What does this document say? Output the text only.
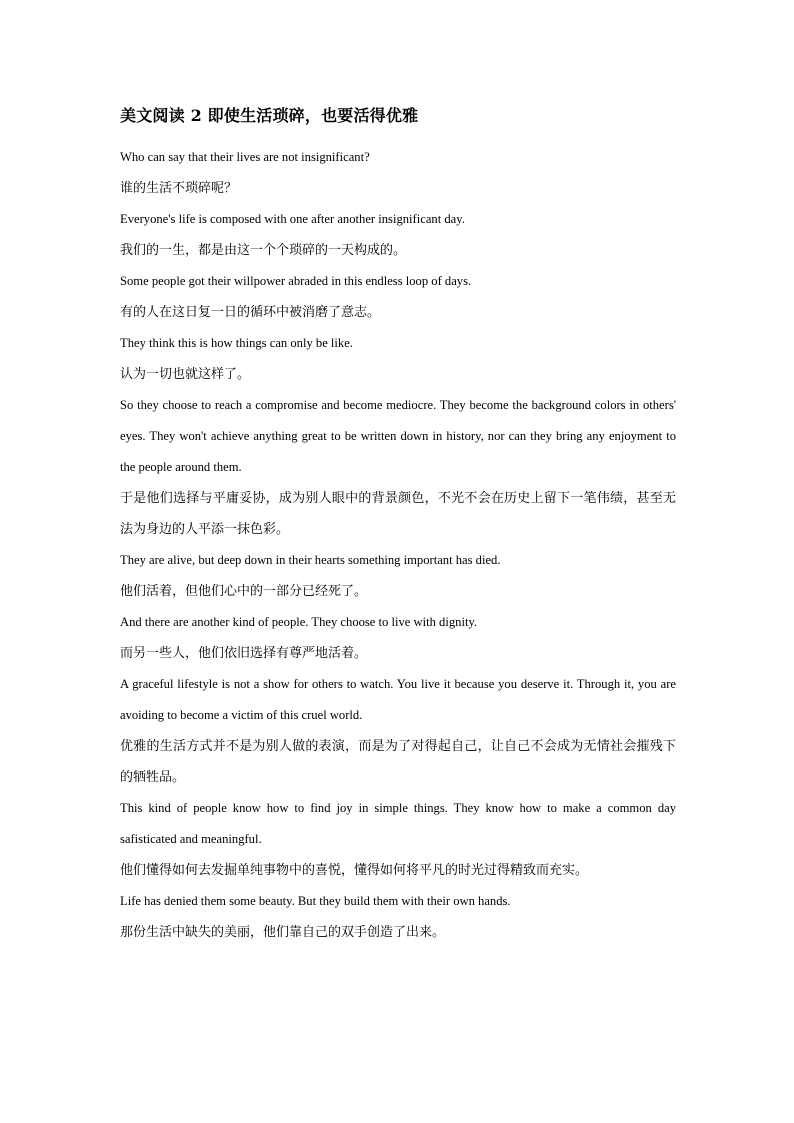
美文阅读 2 即使生活琐碎，也要活得优雅

Who can say that their lives are not insignificant?

谁的生活不琐碎呢？

Everyone's life is composed with one after another insignificant day.

我们的一生，都是由这一个个琐碎的一天构成的。

Some people got their willpower abraded in this endless loop of days.

有的人在这日复一日的循环中被消磨了意志。

They think this is how things can only be like.

认为一切也就这样了。

So they choose to reach a compromise and become mediocre. They become the background colors in others' eyes. They won't achieve anything great to be written down in history, nor can they bring any enjoyment to the people around them.

于是他们选择与平庸妥协，成为别人眼中的背景颜色，不光不会在历史上留下一笔伟绩，甚至无法为身边的人平添一抹色彩。

They are alive, but deep down in their hearts something important has died.

他们活着，但他们心中的一部分已经死了。

And there are another kind of people. They choose to live with dignity.

而另一些人，他们依旧选择有尊严地活着。

A graceful lifestyle is not a show for others to watch. You live it because you deserve it. Through it, you are avoiding to become a victim of this cruel world.

优雅的生活方式并不是为别人做的表演，而是为了对得起自己，让自己不会成为无情社会摧残下的牺牲品。

This kind of people know how to find joy in simple things. They know how to make a common day safisticated and meaningful.

他们懂得如何去发掘单纯事物中的喜悦，懂得如何将平凡的时光过得精致而充实。

Life has denied them some beauty. But they build them with their own hands.

那份生活中缺失的美丽，他们靠自己的双手创造了出来。
